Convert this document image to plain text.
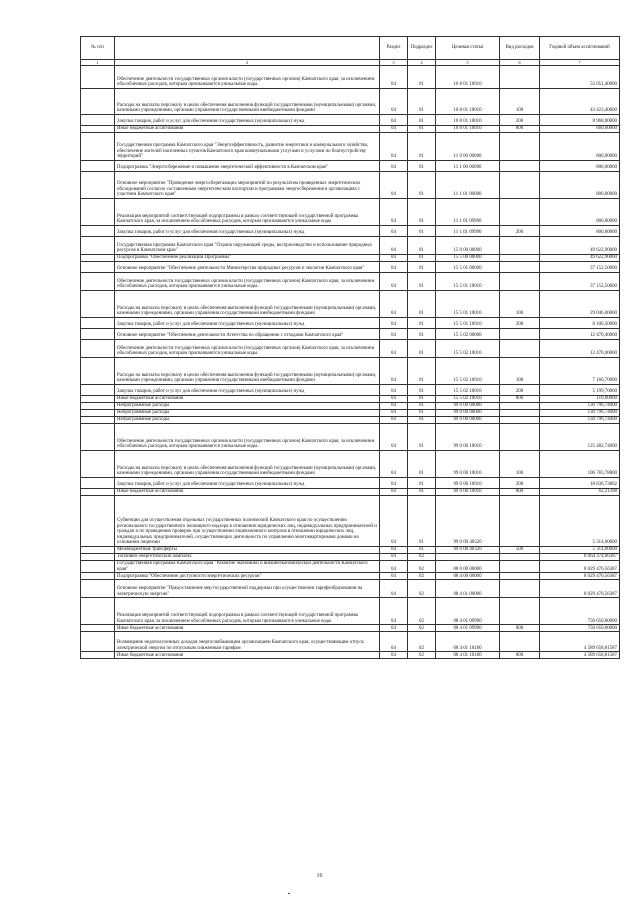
№ п/п		Раздел	Подраздел	Целевая статья	Вид расходов	Годовой объем ассигнований
1	2	3	4	5	6	7
	Обеспечение деятельности государственных органов власти (государственных органов) Камчатского края, за исключением обособленных расходов, которым присваиваются уникальные коды.	04	01	10 8 01 10010		53 051,40000
	Расходы на выплаты персоналу в целях обеспечения выполнения функций государственными (муниципальными) органами, казенными учреждениями, органами управления государственными внебюджетными фондами	04	01	10 8 01 10010	100	43 423,40000
	Закупка товаров, работ и услуг для обеспечения государственных (муниципальных) нужд	04	01	10 8 01 10010	200	8 968,00000
	Иные бюджетные ассигнования	04	01	10 8 01 10010	800	660,00000
	Государственная программа Камчатского края "Энергоэффективность, развитие энергетики и коммунального хозяйства, обеспечение жителей населенных пунктов Камчатского края коммунальными услугами и услугами по благоустройству территорий"	04	01	11 0 00 00000		800,00000
	Подпрограмма "Энергосбережение и повышение энергетической эффективности в Камчатском крае"	04	01	11 1 00 00000		800,00000
	Основное мероприятие "Проведение энергосберегающих мероприятий по результатам проведенных энергетических обследований согласно составленным энергетическим паспортам и программам энергосбережения в организациях с участием Камчатского края"	04	01	11 1 01 00000		800,00000
	Реализация мероприятий соответствующей подпрограммы в рамках соответствующей государственной программы Камчатского края, за исключением обособленных расходов, которым присваиваются уникальные коды	04	01	11 1 01 09990		800,00000
	Закупка товаров, работ и услуг для обеспечения государственных (муниципальных) нужд	04	01	11 1 01 09990	200	800,00000
	Государственная программа Камчатского края "Охрана окружающей среды, воспроизводство и использование природных ресурсов в Камчатском крае"	04	01	15 0 00 00000		49 622,90000
	Подпрограмма "Обеспечение реализации Программы"	04	01	15 5 00 00000		49 622,90000
	Основное мероприятие "Обеспечение деятельности Министерства природных ресурсов и экологии Камчатского края"	04	01	15 5 01 00000		37 152,50000
	Обеспечение деятельности государственных органов власти (государственных органов) Камчатского края, за исключением обособленных расходов, которым присваиваются уникальные коды.	04	01	15 5 01 10010		37 152,50000
	Расходы на выплаты персоналу в целях обеспечения выполнения функций государственными (муниципальными) органами, казенными учреждениями, органами управления государственными внебюджетными фондами	04	01	15 5 01 10010	100	29 046,00000
	Закупка товаров, работ и услуг для обеспечения государственных (муниципальных) нужд	04	01	15 5 01 10010	200	8 106,50000
	Основное мероприятие "Обеспечение деятельности Агентства по обращению с отходами Камчатского края"	04	01	15 5 02 00000		12 470,40000
	Обеспечение деятельности государственных органов власти (государственных органов) Камчатского края, за исключением обособленных расходов, которым присваиваются уникальные коды.	04	01	15 5 02 10010		12 470,40000
	Расходы на выплаты персоналу в целях обеспечения выполнения функций государственными (муниципальными) органами, казенными учреждениями, органами управления государственными внебюджетными фондами	04	01	15 5 02 10010	100	7 160,70000
	Закупка товаров, работ и услуг для обеспечения государственных (муниципальных) нужд	04	01	15 5 02 10010	200	5 199,70000
	Иные бюджетные ассигнования	04	01	15 5 02 10010	800	110,00000
	Непрограммные расходы	04	01	99 0 00 00000		130 796,74000
	Непрограммные расходы	04	01	99 0 00 00000		130 796,74000
	Непрограммные расходы	04	01	99 0 00 00000		130 796,74000
	Обеспечение деятельности государственных органов власти (государственных органов) Камчатского края, за исключением обособленных расходов, которым присваиваются уникальные коды.	04	01	99 0 00 10010		125 482,74000
	Расходы на выплаты персоналу в целях обеспечения выполнения функций государственными (муниципальными) органами, казенными учреждениями, органами управления государственными внебюджетными фондами	04	01	99 0 00 10010	100	106 783,78800
	Закупка товаров, работ и услуг для обеспечения государственных (муниципальных) нужд	04	01	99 0 00 10010	200	18 636,73802
	Иные бюджетные ассигнования	04	01	99 0 00 10010	800	62,21398
	Субвенции для осуществления отдельных государственных полномочий Камчатского края по осуществлению регионального государственного жилищного надзора в отношении юридических лиц, индивидуальных предпринимателей и граждан и по проведению проверок при осуществлении лицензионного контроля в отношении юридических лиц, индивидуальных предпринимателей, осуществляющих деятельность по управлению многоквартирными домами на основании лицензии	04	01	99 0 00 40320		5 314,00000
	Межбюджетные трансферты	04	01	99 0 00 40320	500	5 314,00000
	Топливно-энергетический комплекс	04	02			8 064 374,06387
	Государственная программа Камчатского края "Развитие экономики и внешнеэкономической деятельности Камчатского края"	04	02	08 0 00 00000		8 029 476,56387
	Подпрограмма "Обеспечение доступности энергетических ресурсов"	04	02	08 4 00 00000		8 029 476,56387
	Основное мероприятие "Предоставление мер государственной поддержки при осуществлении тарифообразования на электрическую энергию"	04	02	08 4 01 00000		8 029 476,56387
	Реализация мероприятий соответствующей подпрограммы в рамках соответствующей государственной программы Камчатского края, за исключением обособленных расходов, которым присваиваются уникальные коды	04	02	08 4 01 09990		750 650,00000
	Иные бюджетные ассигнования	04	02	08 4 01 09990	800	750 650,00000
	Возмещение недополученных доходов энергоснабжающим организациям Камчатского края, осуществляющим отпуск электрической энергии по отпускным сниженным тарифам	04	02	08 4 01 10180		4 589 658,81587
	Иные бюджетные ассигнования	04	02	08 4 01 10180	800	4 589 658,81587
16
